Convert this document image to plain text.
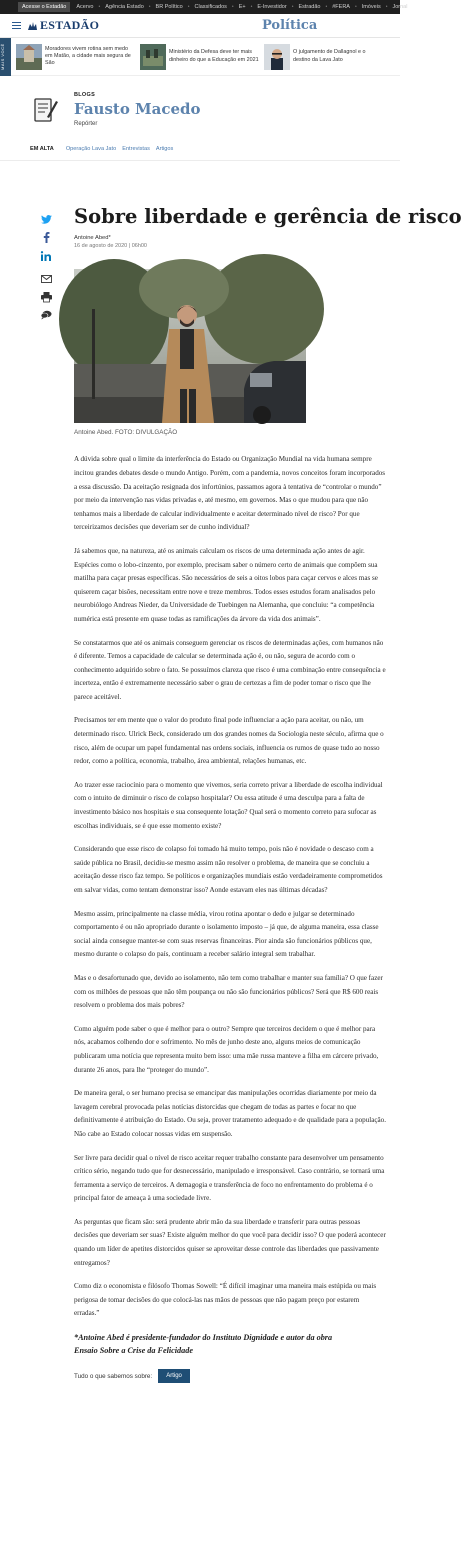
Acesse o Estadão	Acervo • Agência Estado • BR Político • Classificados • E+ • E-Investidor • Estradão • #FERA • Imóveis • Jornal
ESTADÃO	Política
MAIS VOCÊ	Moradores vivem rotina sem medo em Matão, a cidade mais segura de São
Ministério da Defesa deve ter mais dinheiro do que a Educação em 2021
O julgamento de Dallagnol e o destino da Lava Jato
BLOGS
Fausto Macedo
Repórter
EM ALTA Operação Lava Jato Entrevistas Artigos
Sobre liberdade e gerência de risco
Antoine Abed*
16 de agosto de 2020 | 06h00
Antoine Abed. FOTO: DIVULGAÇÃO

A dúvida sobre qual o limite da interferência do Estado ou Organização Mundial na vida humana sempre incitou grandes debates desde o mundo Antigo. Porém, com a pandemia, novos conceitos foram incorporados a essa discussão. Da aceitação resignada dos infortúnios, passamos agora à tentativa de “controlar o mundo” por meio da intervenção nas vidas privadas e, até mesmo, em governos. Mas o que mudou para que não tenhamos mais a liberdade de calcular individualmente e aceitar determinado nível de risco? Por que terceirizamos decisões que deveriam ser de cunho individual?

Já sabemos que, na natureza, até os animais calculam os riscos de uma determinada ação antes de agir. Espécies como o lobo-cinzento, por exemplo, precisam saber o número certo de animais que compõem sua matilha para caçar presas específicas. São necessários de seis a oitos lobos para caçar cervos e alces mas se quiserem caçar bisões, necessitam entre nove e treze membros. Todos esses estudos foram analisados pelo neurobiólogo Andreas Nieder, da Universidade de Tuebingen na Alemanha, que concluiu: “a competência numérica está presente em quase todas as ramificações da árvore da vida dos animais”.

Se constatarmos que até os animais conseguem gerenciar os riscos de determinadas ações, com humanos não é diferente. Temos a capacidade de calcular se determinada ação é, ou não, segura de acordo com o conhecimento adquirido sobre o fato. Se possuímos clareza que risco é uma combinação entre consequência e incerteza, então é extremamente necessário saber o grau de certezas a fim de poder tomar o risco que lhe parece aceitável.

Precisamos ter em mente que o valor do produto final pode influenciar a ação para aceitar, ou não, um determinado risco. Ulrick Beck, considerado um dos grandes nomes da Sociologia neste século, afirma que o risco, além de ocupar um papel fundamental nas ordens sociais, influencia os rumos de quase tudo ao nosso redor, como a política, economia, trabalho, área ambiental, relações humanas, etc.

Ao trazer esse raciocínio para o momento que vivemos, seria correto privar a liberdade de escolha individual com o intuito de diminuir o risco de colapso hospitalar? Ou essa atitude é uma desculpa para a falta de investimento básico nos hospitais e sua consequente lotação? Qual será o momento correto para sufocar as escolhas individuais, se é que esse momento existe?

Considerando que esse risco de colapso foi tomado há muito tempo, pois não é novidade o descaso com a saúde pública no Brasil, decidiu-se mesmo assim não resolver o problema, de maneira que se concluiu a aceitação desse risco faz tempo. Se políticos e organizações mundiais estão verdadeiramente comprometidos em salvar vidas, como tentam demonstrar isso? Aonde estavam eles nas últimas décadas?

Mesmo assim, principalmente na classe média, virou rotina apontar o dedo e julgar se determinado comportamento é ou não apropriado durante o isolamento imposto – já que, de alguma maneira, essa classe social ainda consegue manter-se com suas reservas financeiras. Pior ainda são funcionários públicos que, mesmo durante o colapso do país, continuam a receber salário integral sem trabalhar.

Mas e o desafortunado que, devido ao isolamento, não tem como trabalhar e manter sua família? O que fazer com os milhões de pessoas que não têm poupança ou não são funcionários públicos? Será que R$ 600 reais resolvem o problema dos mais pobres?

Como alguém pode saber o que é melhor para o outro? Sempre que terceiros decidem o que é melhor para nós, acabamos colhendo dor e sofrimento. No mês de junho deste ano, alguns meios de comunicação publicaram uma notícia que representa muito bem isso: uma mãe russa manteve a filha em cárcere privado, durante 26 anos, para lhe “proteger do mundo”.

De maneira geral, o ser humano precisa se emancipar das manipulações ocorridas diariamente por meio da lavagem cerebral provocada pelas notícias distorcidas que chegam de todas as partes e focar no que definitivamente é atribuição do Estado. Ou seja, prover tratamento adequado e de qualidade para a população. Não cabe ao Estado colocar nossas vidas em suspensão.

Ser livre para decidir qual o nível de risco aceitar requer trabalho constante para desenvolver um pensamento crítico sério, negando tudo que for desnecessário, manipulado e irresponsável. Caso contrário, se tornará uma ferramenta a serviço de terceiros. A demagogia e transferência de foco no enfrentamento do problema é o principal fator de ameaça à uma sociedade livre.

As perguntas que ficam são: será prudente abrir mão da sua liberdade e transferir para outras pessoas decisões que deveriam ser suas? Existe alguém melhor do que você para decidir isso? O que poderá acontecer quando um líder de apetites distorcidos quiser se aproveitar desse controle das liberdades que passivamente entregamos?

Como diz o economista e filósofo Thomas Sowell: “É difícil imaginar uma maneira mais estúpida ou mais perigosa de tomar decisões do que colocá-las nas mãos de pessoas que não pagam preço por estarem erradas.”

*Antoine Abed é presidente-fundador do Instituto Dignidade e autor da obra
Ensaio Sobre a Crise da Felicidade
Tudo o que sabemos sobre:	Artigo
